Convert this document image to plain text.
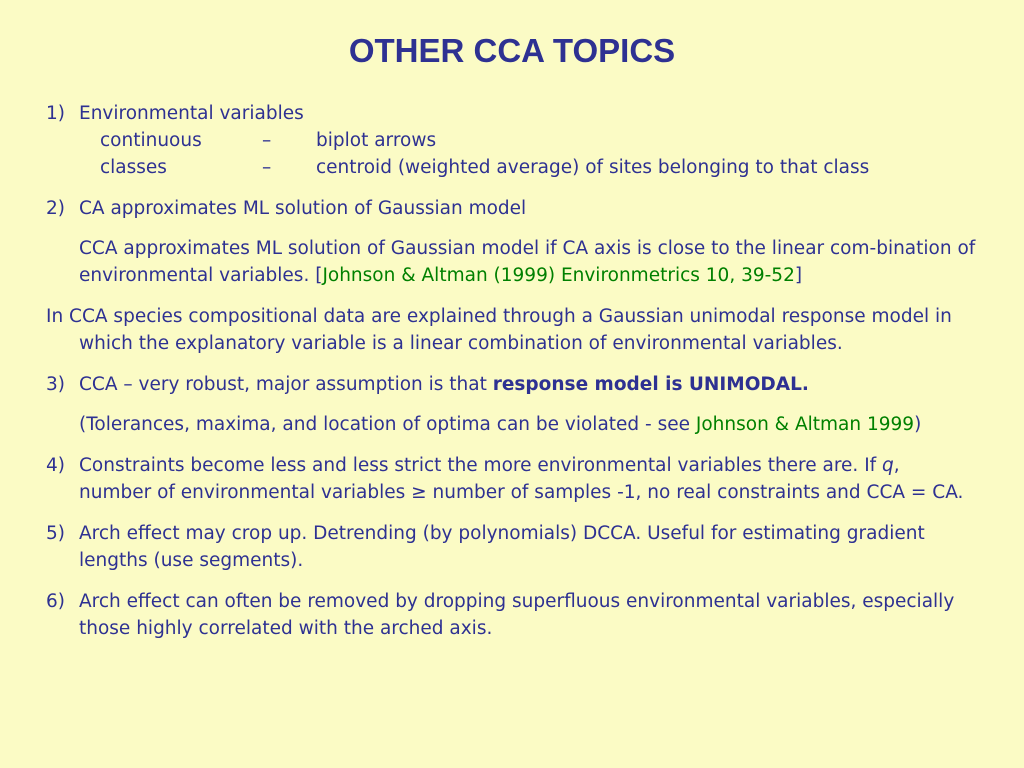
OTHER CCA TOPICS
1) Environmental variables
continuous	–	biplot arrows
classes	–	centroid (weighted average) of sites belonging to that class
2) CA approximates ML solution of Gaussian model
CCA approximates ML solution of Gaussian model if CA axis is close to the linear com-bination of environmental variables. [Johnson & Altman (1999) Environmetrics 10, 39-52]
In CCA species compositional data are explained through a Gaussian unimodal response model in which the explanatory variable is a linear combination of environmental variables.
3) CCA – very robust, major assumption is that response model is UNIMODAL.
(Tolerances, maxima, and location of optima can be violated - see Johnson & Altman 1999)
4) Constraints become less and less strict the more environmental variables there are. If q, number of environmental variables ≥ number of samples -1, no real constraints and CCA = CA.
5) Arch effect may crop up. Detrending (by polynomials) DCCA. Useful for estimating gradient lengths (use segments).
6) Arch effect can often be removed by dropping superfluous environmental variables, especially those highly correlated with the arched axis.
